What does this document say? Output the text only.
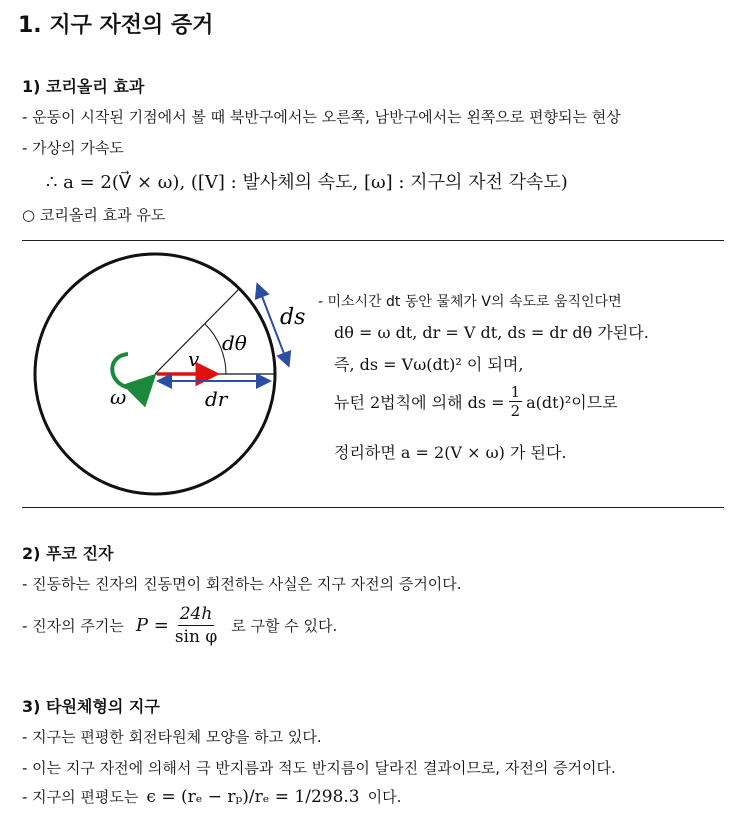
1. 지구 자전의 증거
1) 코리올리 효과
- 운동이 시작된 기점에서 볼 때 북반구에서는 오른쪽, 남반구에서는 왼쪽으로 편향되는 현상
- 가상의 가속도
∴ a = 2(V⃗ × ω), ([V] : 발사체의 속도, [ω] : 지구의 자전 각속도)
○ 코리올리 효과 유도
ds
dθ
v
dr
ω
- 미소시간 dt 동안 물체가 V의 속도로 움직인다면
dθ = ω dt, dr = V dt, ds = dr dθ 가된다.
즉, ds = Vω(dt)² 이 되며,
뉴턴 2법칙에 의해 ds = $\frac{1}{2} a(dt)^2$이므로
정리하면 a = 2(V × ω) 가 된다.
2) 푸코 진자
- 진동하는 진자의 진동면이 회전하는 사실은 지구 자전의 증거이다.
- 진자의 주기는 $P = \frac{24h}{\text{sin φ}}$ 로 구할 수 있다.
3) 타원체형의 지구
- 지구는 편평한 회전타원체 모양을 하고 있다.
- 이는 지구 자전에 의해서 극 반지름과 적도 반지름이 달라진 결과이므로, 자전의 증거이다.
- 지구의 편평도는 ϵ = (rₑ − rₚ)/rₑ = 1/298.3 이다.
